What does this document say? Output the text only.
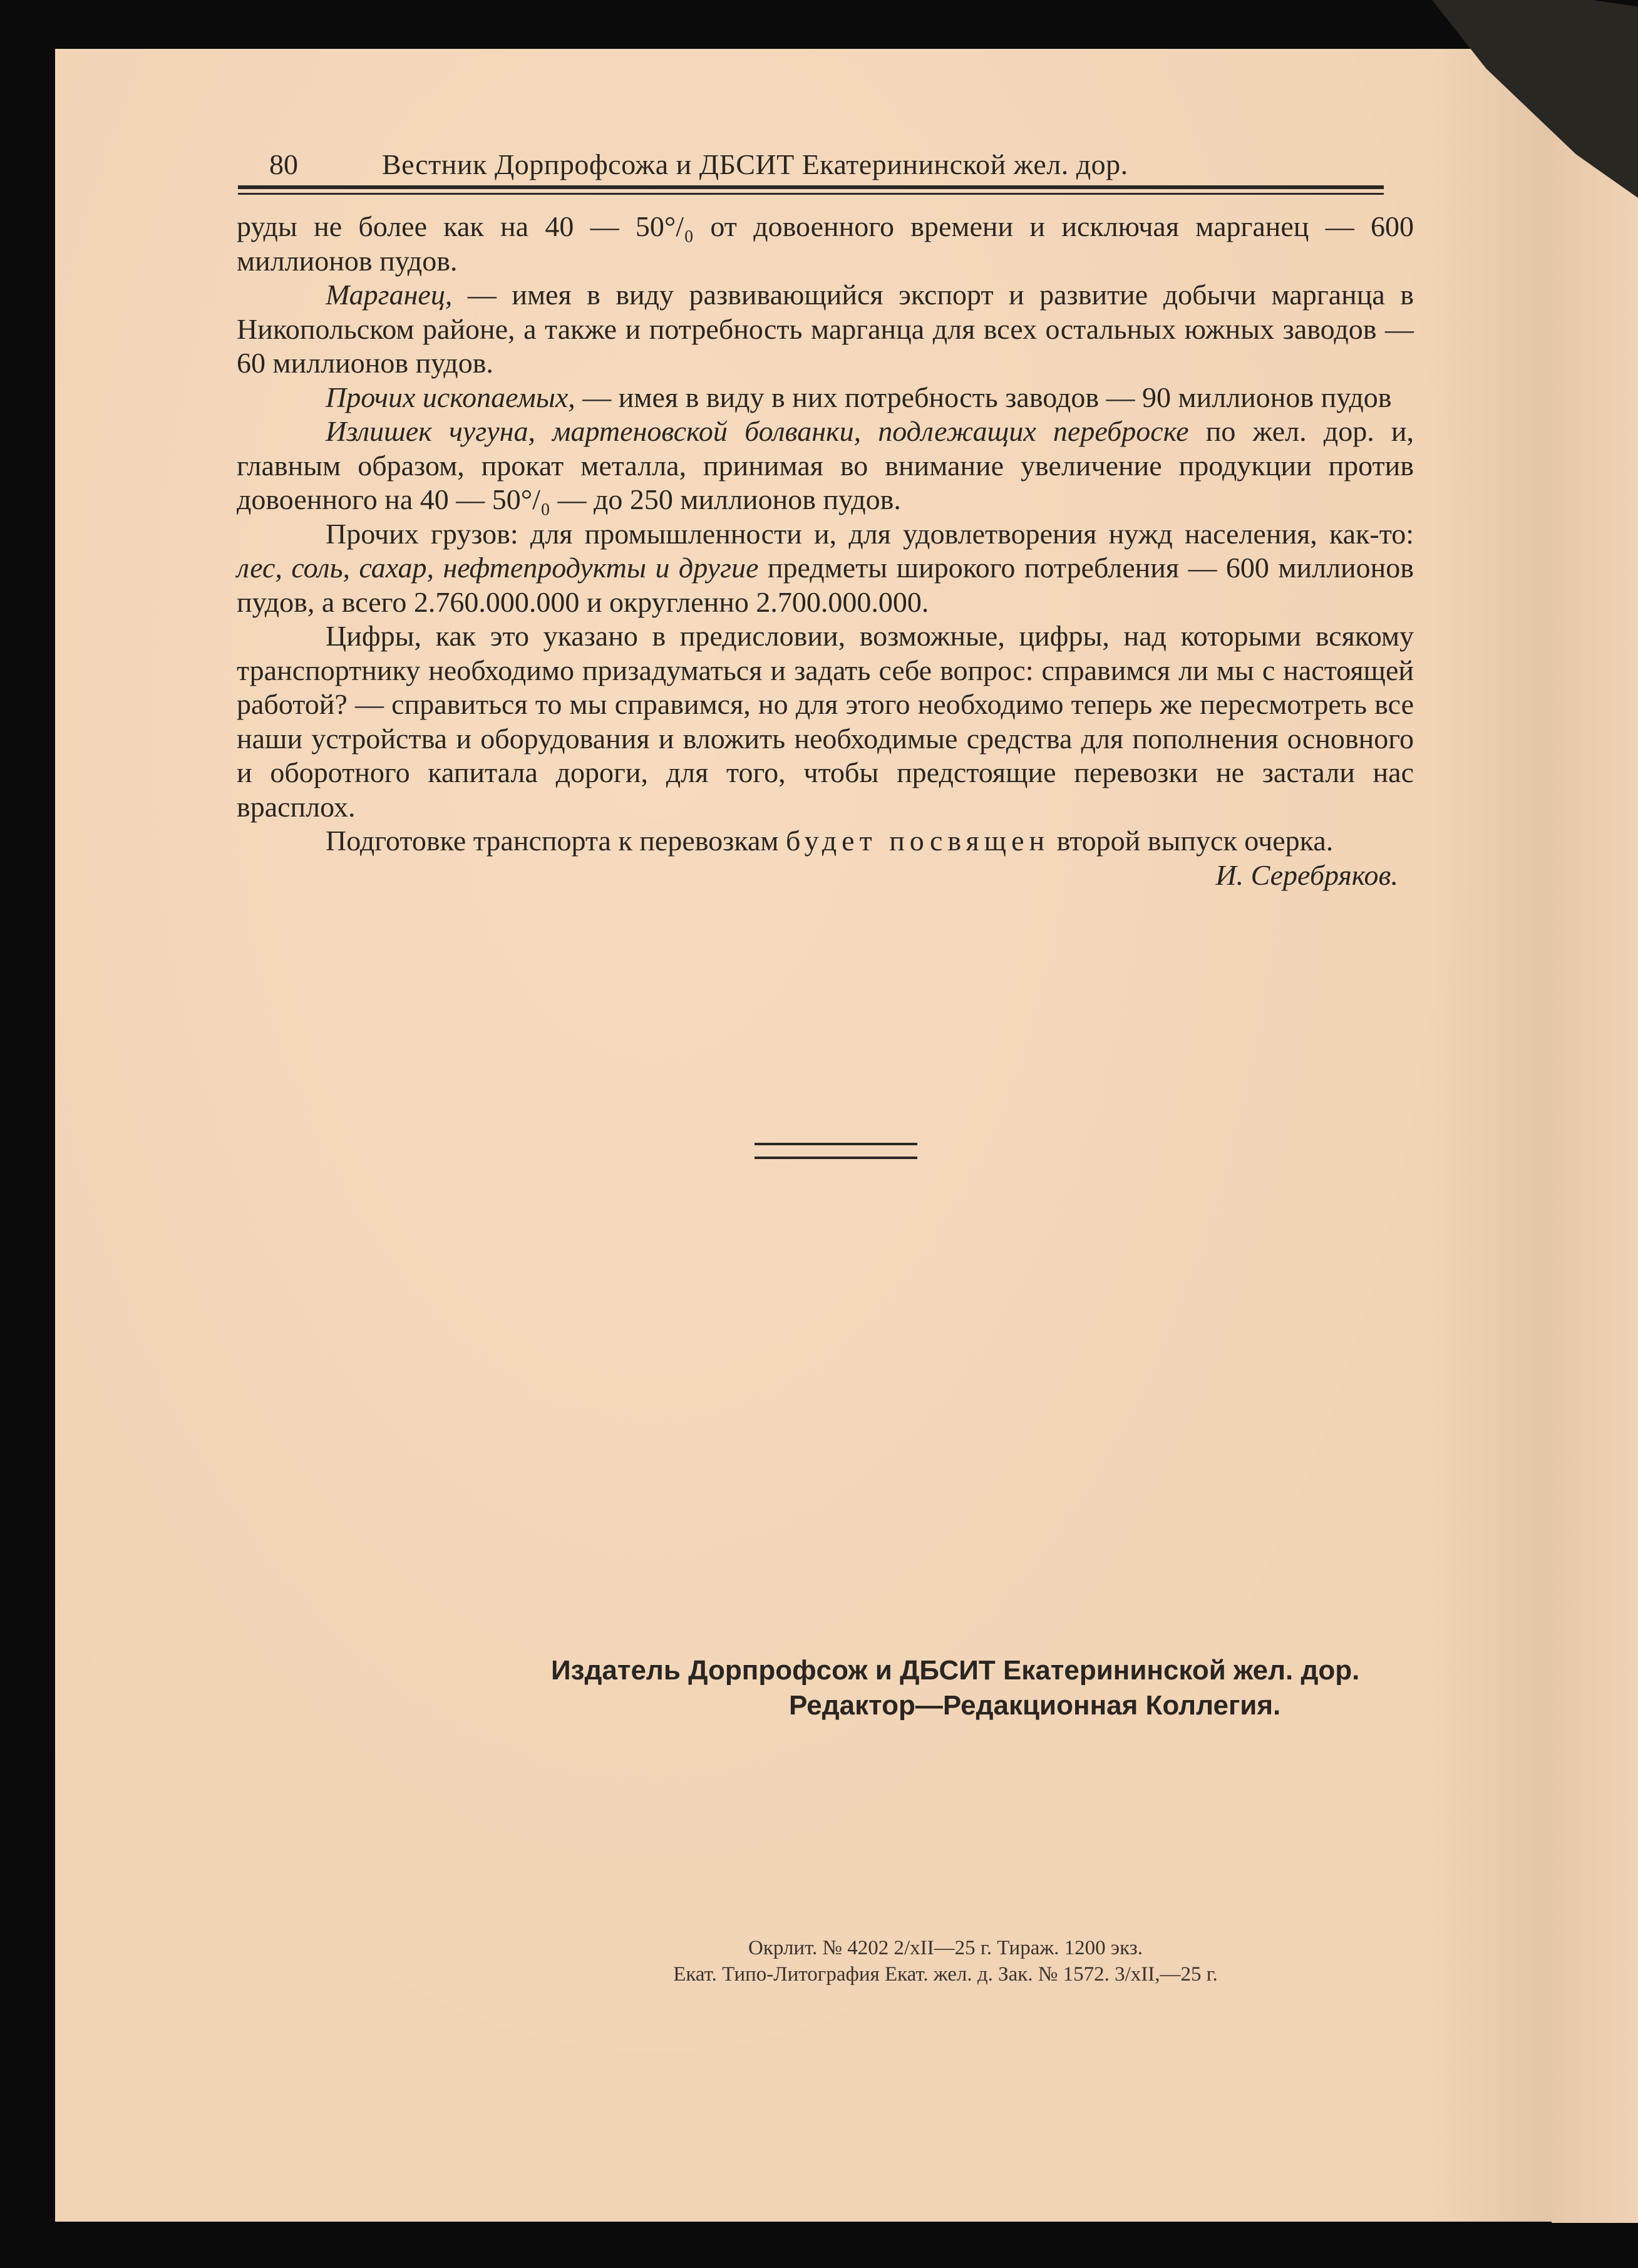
80	Вестник Дорпрофсожа и ДБСИТ Екатерининской жел. дор.

руды не более как на 40 — 50°/₀ от довоенного времени и исключая марганец — 600 миллионов пудов.

Марганец, — имея в виду развивающийся экспорт и развитие добычи марганца в Никопольском районе, а также и потребность марганца для всех остальных южных заводов — 60 миллионов пудов.

Прочих ископаемых, — имея в виду в них потребность заводов — 90 миллионов пудов

Излишек чугуна, мартеновской болванки, подлежащих переброске по жел. дор. и, главным образом, прокат металла, принимая во внимание увеличение продукции против довоенного на 40 — 50°/₀ — до 250 миллионов пудов.

Прочих грузов: для промышленности и, для удовлетворения нужд населения, как-то: лес, соль, сахар, нефтепродукты и другие предметы широкого потребления — 600 миллионов пудов, а всего 2.760.000.000 и округленно 2.700.000.000.

Цифры, как это указано в предисловии, возможные, цифры, над которыми всякому транспортнику необходимо призадуматься и задать себе вопрос: справимся ли мы с настоящей работой? — справиться то мы справимся, но для этого необходимо теперь же пересмотреть все наши устройства и оборудования и вложить необходимые средства для пополнения основного и оборотного капитала дороги, для того, чтобы предстоящие перевозки не застали нас врасплох.

Подготовке транспорта к перевозкам будет посвящен второй выпуск очерка.

И. Серебряков.

Издатель Дорпрофсож и ДБСИТ Екатерининской жел. дор.
Редактор—Редакционная Коллегия.
Окрлит. № 4202 2/xII—25 г. Тираж. 1200 экз.
Екат. Типо-Литография Екат. жел. д. Зак. № 1572. 3/xII,—25 г.
